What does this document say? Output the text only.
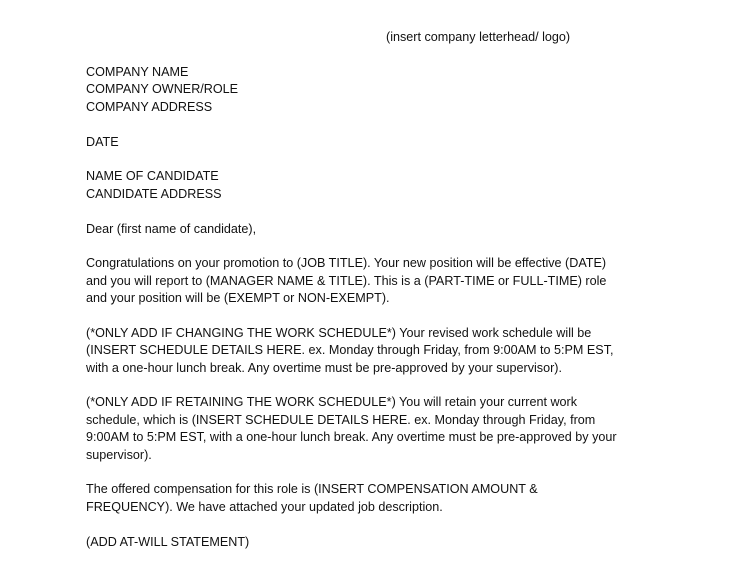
(insert company letterhead/ logo)
COMPANY NAME
COMPANY OWNER/ROLE
COMPANY ADDRESS
DATE
NAME OF CANDIDATE
CANDIDATE ADDRESS
Dear (first name of candidate),
Congratulations on your promotion to (JOB TITLE). Your new position will be effective (DATE)
and you will report to (MANAGER NAME & TITLE). This is a (PART-TIME or FULL-TIME) role
and your position will be (EXEMPT or NON-EXEMPT).
(*ONLY ADD IF CHANGING THE WORK SCHEDULE*) Your revised work schedule will be
(INSERT SCHEDULE DETAILS HERE. ex. Monday through Friday, from 9:00AM to 5:PM EST,
with a one-hour lunch break. Any overtime must be pre-approved by your supervisor).
(*ONLY ADD IF RETAINING THE WORK SCHEDULE*) You will retain your current work
schedule, which is (INSERT SCHEDULE DETAILS HERE. ex. Monday through Friday, from
9:00AM to 5:PM EST, with a one-hour lunch break. Any overtime must be pre-approved by your
supervisor).
The offered compensation for this role is (INSERT COMPENSATION AMOUNT &
FREQUENCY). We have attached your updated job description.
(ADD AT-WILL STATEMENT)
